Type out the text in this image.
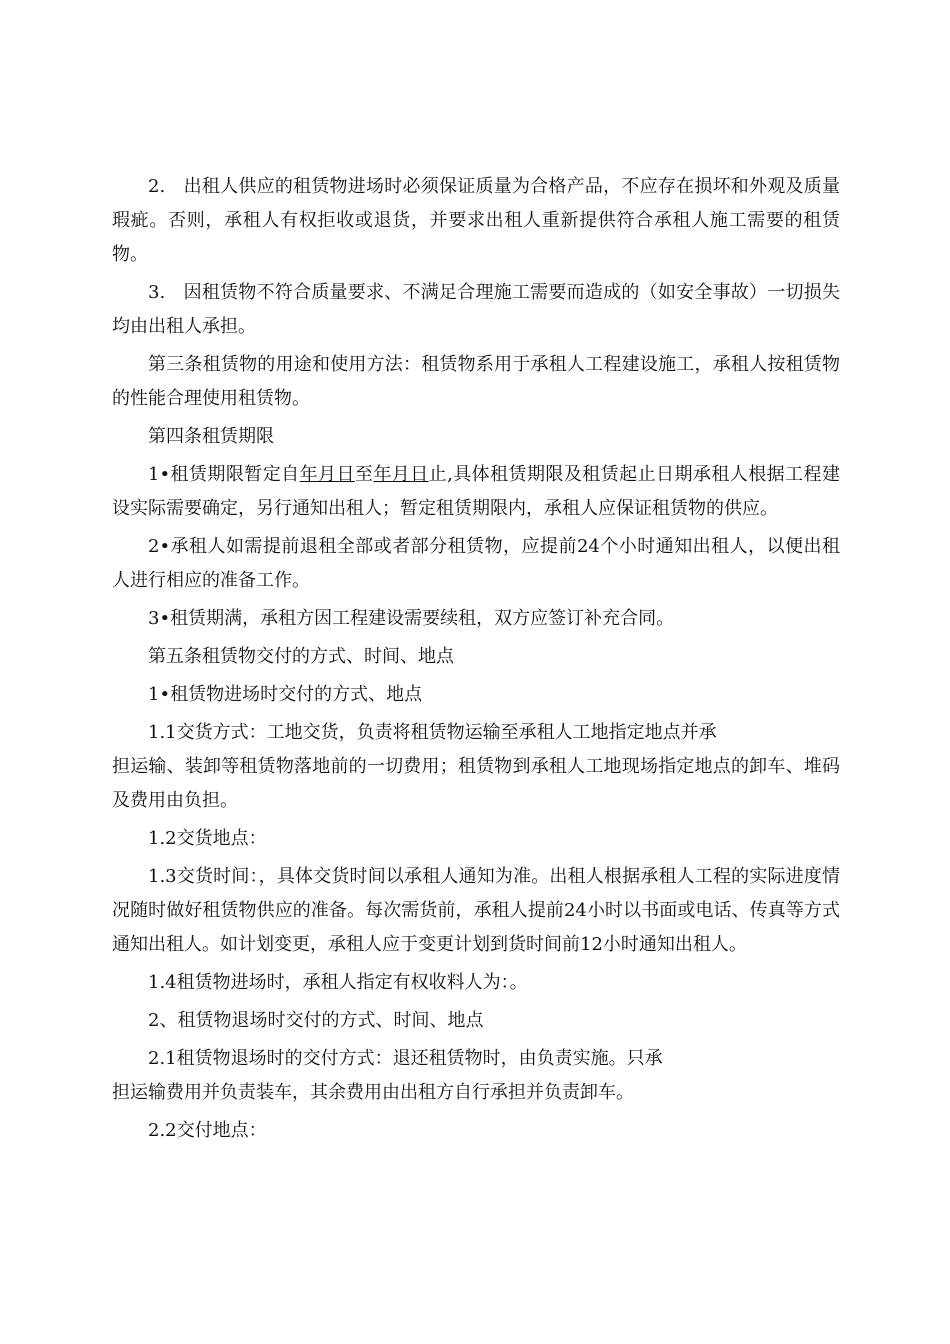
2.　出租人供应的租赁物进场时必须保证质量为合格产品，不应存在损坏和外观及质量瑕疵。否则，承租人有权拒收或退货，并要求出租人重新提供符合承租人施工需要的租赁物。

3.　因租赁物不符合质量要求、不满足合理施工需要而造成的（如安全事故）一切损失均由出租人承担。

第三条租赁物的用途和使用方法：租赁物系用于承租人工程建设施工，承租人按租赁物的性能合理使用租赁物。

第四条租赁期限

1•租赁期限暂定自年月日至年月日止,具体租赁期限及租赁起止日期承租人根据工程建设实际需要确定，另行通知出租人；暂定租赁期限内，承租人应保证租赁物的供应。

2•承租人如需提前退租全部或者部分租赁物，应提前24个小时通知出租人，以便出租人进行相应的准备工作。

3•租赁期满，承租方因工程建设需要续租，双方应签订补充合同。

第五条租赁物交付的方式、时间、地点

1•租赁物进场时交付的方式、地点

1.1交货方式：工地交货，负责将租赁物运输至承租人工地指定地点并承

担运输、装卸等租赁物落地前的一切费用；租赁物到承租人工地现场指定地点的卸车、堆码及费用由负担。

1.2交货地点：

1.3交货时间：，具体交货时间以承租人通知为准。出租人根据承租人工程的实际进度情况随时做好租赁物供应的准备。每次需货前，承租人提前24小时以书面或电话、传真等方式通知出租人。如计划变更，承租人应于变更计划到货时间前12小时通知出租人。

1.4租赁物进场时，承租人指定有权收料人为：。

2、租赁物退场时交付的方式、时间、地点

2.1租赁物退场时的交付方式：退还租赁物时，由负责实施。只承

担运输费用并负责装车，其余费用由出租方自行承担并负责卸车。

2.2交付地点：
